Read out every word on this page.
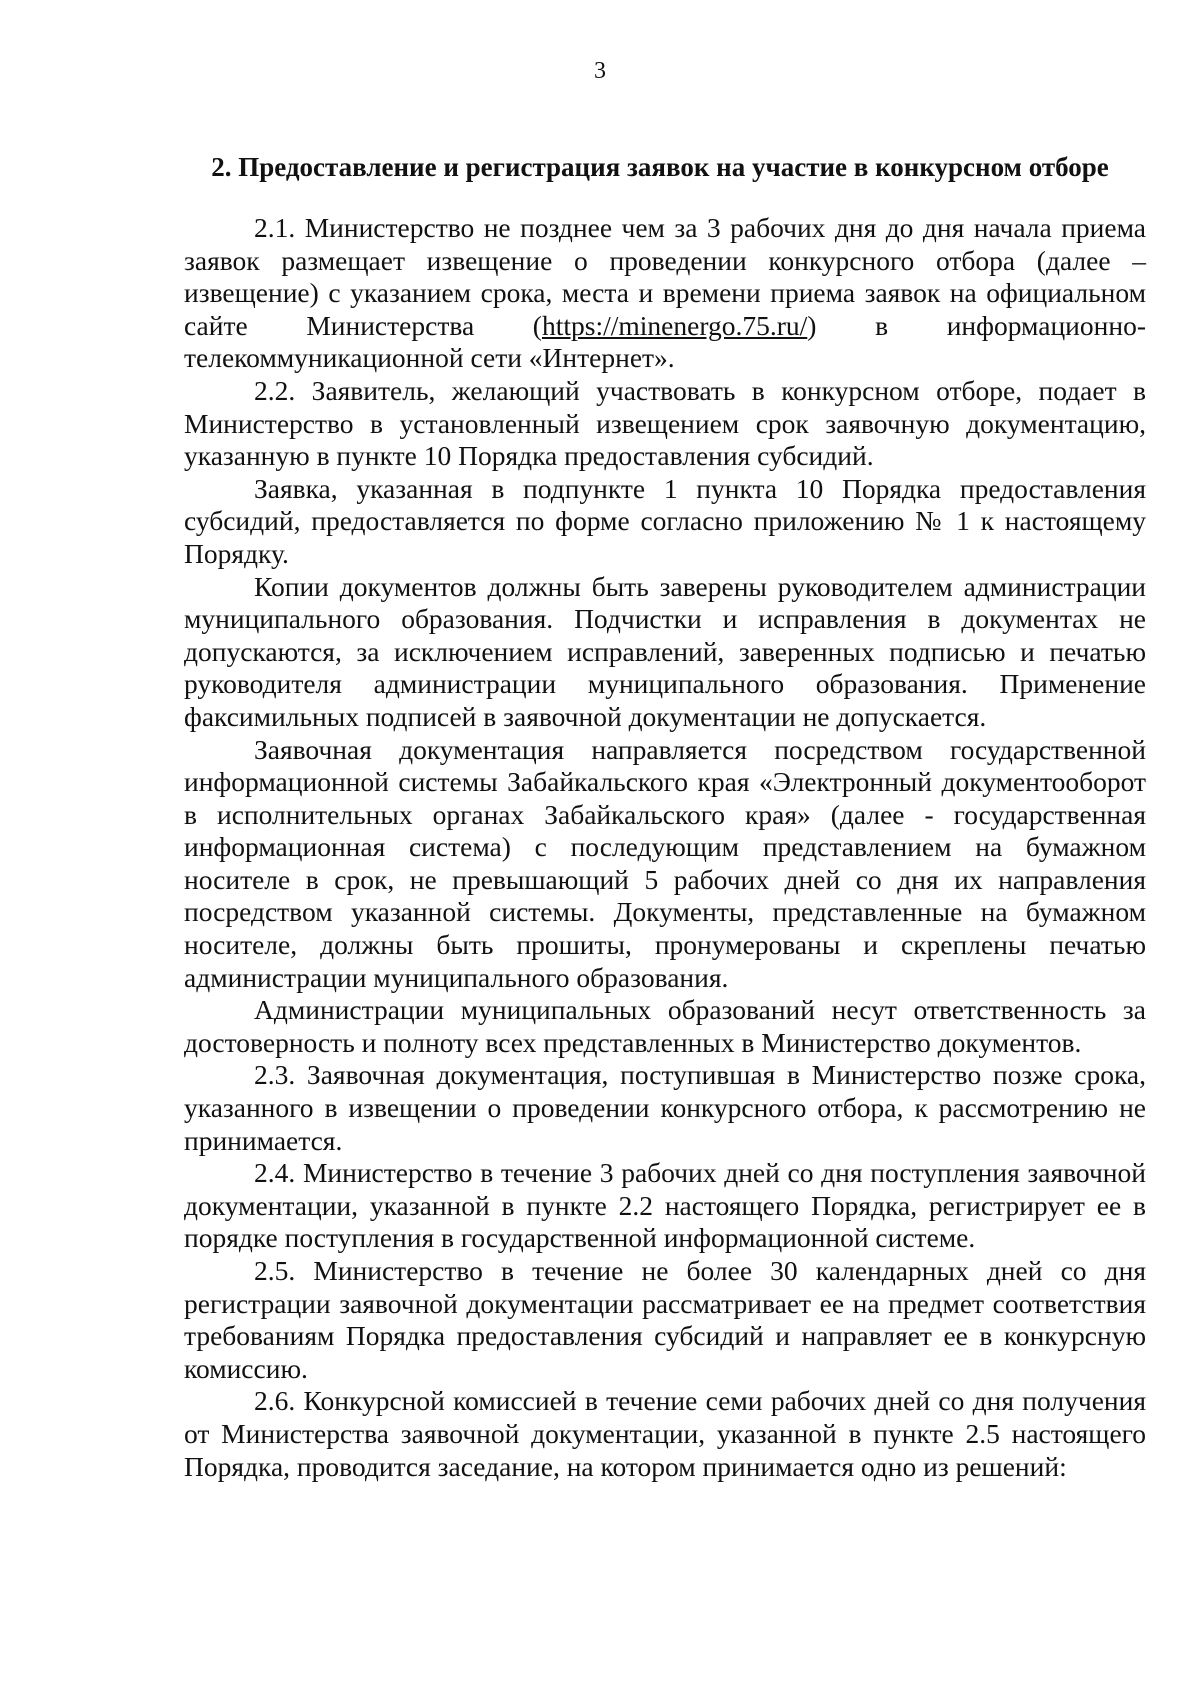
3
2. Предоставление и регистрация заявок на участие в конкурсном отборе

2.1. Министерство не позднее чем за 3 рабочих дня до дня начала приема заявок размещает извещение о проведении конкурсного отбора (далее – извещение) с указанием срока, места и времени приема заявок на официальном сайте Министерства (https://minenergo.75.ru/) в информационно-телекоммуникационной сети «Интернет».

2.2. Заявитель, желающий участвовать в конкурсном отборе, подает в Министерство в установленный извещением срок заявочную документацию, указанную в пункте 10 Порядка предоставления субсидий.

Заявка, указанная в подпункте 1 пункта 10 Порядка предоставления субсидий, предоставляется по форме согласно приложению № 1 к настоящему Порядку.

Копии документов должны быть заверены руководителем администрации муниципального образования. Подчистки и исправления в документах не допускаются, за исключением исправлений, заверенных подписью и печатью руководителя администрации муниципального образования. Применение факсимильных подписей в заявочной документации не допускается.

Заявочная документация направляется посредством государственной информационной системы Забайкальского края «Электронный документооборот в исполнительных органах Забайкальского края» (далее - государственная информационная система) с последующим представлением на бумажном носителе в срок, не превышающий 5 рабочих дней со дня их направления посредством указанной системы. Документы, представленные на бумажном носителе, должны быть прошиты, пронумерованы и скреплены печатью администрации муниципального образования.

Администрации муниципальных образований несут ответственность за достоверность и полноту всех представленных в Министерство документов.

2.3. Заявочная документация, поступившая в Министерство позже срока, указанного в извещении о проведении конкурсного отбора, к рассмотрению не принимается.

2.4. Министерство в течение 3 рабочих дней со дня поступления заявочной документации, указанной в пункте 2.2 настоящего Порядка, регистрирует ее в порядке поступления в государственной информационной системе.

2.5. Министерство в течение не более 30 календарных дней со дня регистрации заявочной документации рассматривает ее на предмет соответствия требованиям Порядка предоставления субсидий и направляет ее в конкурсную комиссию.

2.6. Конкурсной комиссией в течение семи рабочих дней со дня получения от Министерства заявочной документации, указанной в пункте 2.5 настоящего Порядка, проводится заседание, на котором принимается одно из решений:
